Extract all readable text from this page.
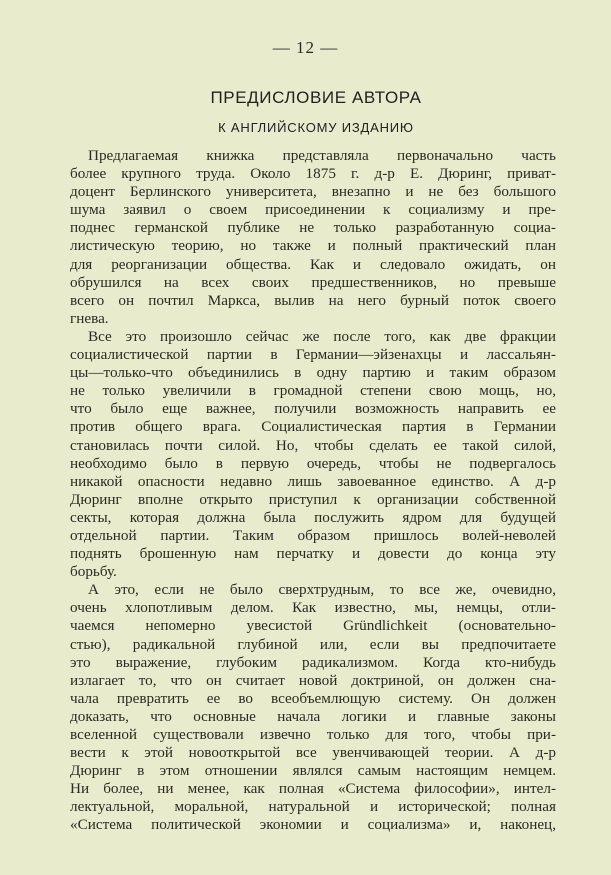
— 12 —
ПРЕДИСЛОВИЕ АВТОРА
К АНГЛИЙСКОМУ ИЗДАНИЮ
Предлагаемая книжка представляла первоначально часть
более крупного труда. Около 1875 г. д-р Е. Дюринг, приват-
доцент Берлинского университета, внезапно и не без большого
шума заявил о своем присоединении к социализму и пре-
поднес германской публике не только разработанную социа-
листическую теорию, но также и полный практический план
для реорганизации общества. Как и следовало ожидать, он
обрушился на всех своих предшественников, но превыше
всего он почтил Маркса, вылив на него бурный поток своего
гнева.
Все это произошло сейчас же после того, как две фракции
социалистической партии в Германии—эйзенахцы и лассальян-
цы—только-что объединились в одну партию и таким образом
не только увеличили в громадной степени свою мощь, но,
что было еще важнее, получили возможность направить ее
против общего врага. Социалистическая партия в Германии
становилась почти силой. Но, чтобы сделать ее такой силой,
необходимо было в первую очередь, чтобы не подвергалось
никакой опасности недавно лишь завоеванное единство. А д-р
Дюринг вполне открыто приступил к организации собственной
секты, которая должна была послужить ядром для будущей
отдельной партии. Таким образом пришлось волей-неволей
поднять брошенную нам перчатку и довести до конца эту
борьбу.
А это, если не было сверхтрудным, то все же, очевидно,
очень хлопотливым делом. Как известно, мы, немцы, отли-
чаемся непомерно увесистой Gründlichkeit (основательно-
стью), радикальной глубиной или, если вы предпочитаете
это выражение, глубоким радикализмом. Когда кто-нибудь
излагает то, что он считает новой доктриной, он должен сна-
чала превратить ее во всеобъемлющую систему. Он должен
доказать, что основные начала логики и главные законы
вселенной существовали извечно только для того, чтобы при-
вести к этой новооткрытой все увенчивающей теории. А д-р
Дюринг в этом отношении являлся самым настоящим немцем.
Ни более, ни менее, как полная «Система философии», интел-
лектуальной, моральной, натуральной и исторической; полная
«Система политической экономии и социализма» и, наконец,
